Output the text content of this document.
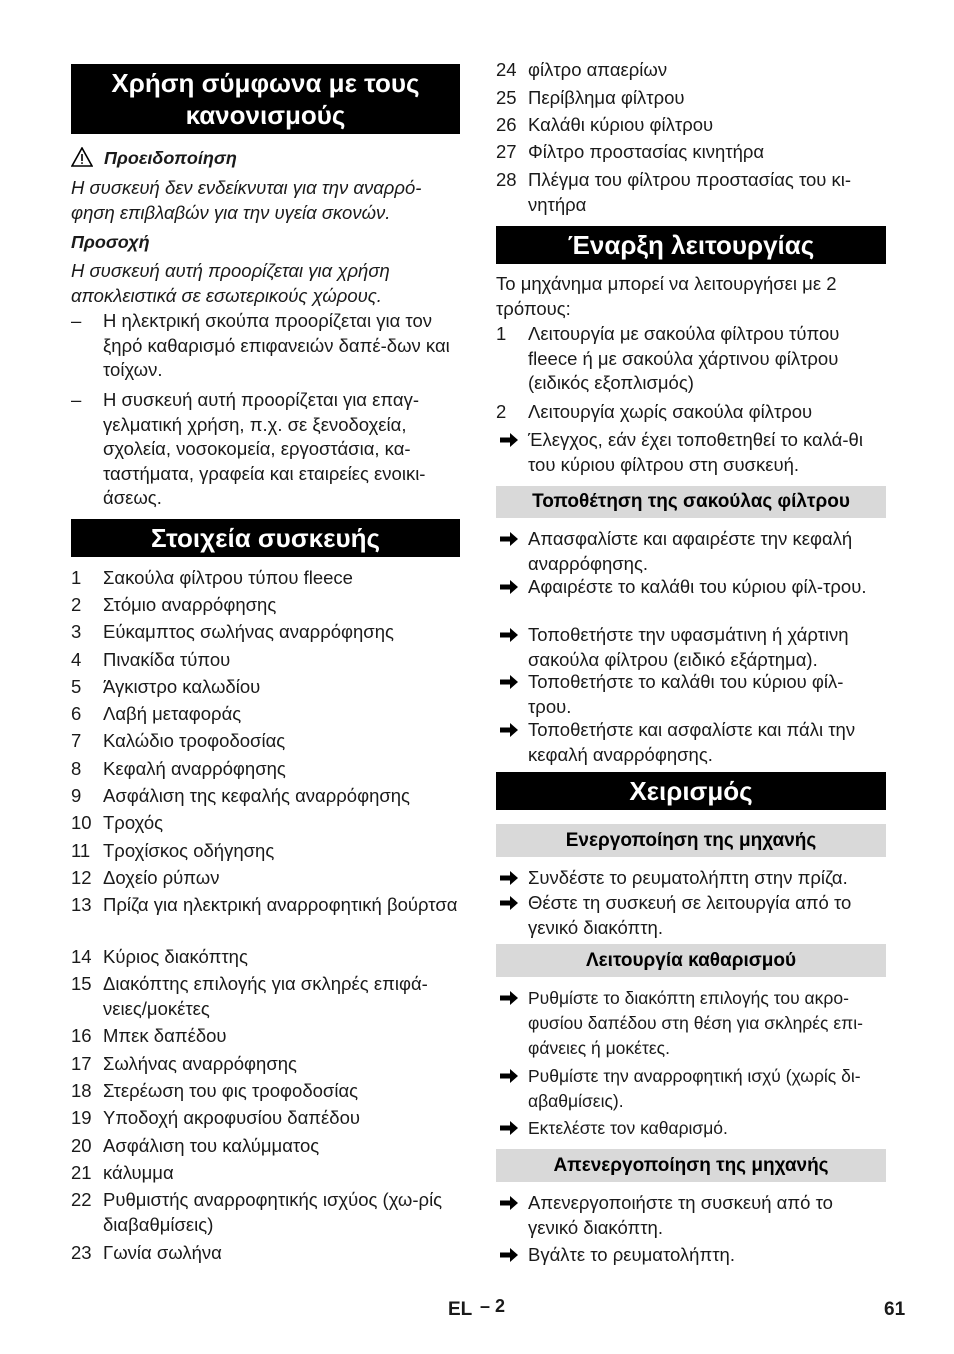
Χρήση σύμφωνα με τους κανονισμούς
Προειδοποίηση
Η συσκευή δεν ενδείκνυται για την αναρρό-φηση επιβλαβών για την υγεία σκονών.
Προσοχή
Η συσκευή αυτή προορίζεται για χρήση αποκλειστικά σε εσωτερικούς χώρους.
– Η ηλεκτρική σκούπα προορίζεται για τον ξηρό καθαρισμό επιφανειών δαπέ-δων και τοίχων.
– Η συσκευή αυτή προορίζεται για επαγ-γελματική χρήση, π.χ. σε ξενοδοχεία, σχολεία, νοσοκομεία, εργοστάσια, κα-ταστήματα, γραφεία και εταιρείες ενοικι-άσεως.
Στοιχεία συσκευής
1	Σακούλα φίλτρου τύπου fleece
2	Στόμιο αναρρόφησης
3	Εύκαμπτος σωλήνας αναρρόφησης
4	Πινακίδα τύπου
5	Άγκιστρο καλωδίου
6	Λαβή μεταφοράς
7	Καλώδιο τροφοδοσίας
8	Κεφαλή αναρρόφησης
9	Ασφάλιση της κεφαλής αναρρόφησης
10 Τροχός
11 Τροχίσκος οδήγησης
12 Δοχείο ρύπων
13 Πρίζα για ηλεκτρική αναρροφητική βούρτσα
14 Κύριος διακόπτης
15 Διακόπτης επιλογής για σκληρές επιφά-νειες/μοκέτες
16 Μπεκ δαπέδου
17 Σωλήνας αναρρόφησης
18 Στερέωση του φις τροφοδοσίας
19 Υποδοχή ακροφυσίου δαπέδου
20 Ασφάλιση του καλύμματος
21 κάλυμμα
22 Ρυθμιστής αναρροφητικής ισχύος (χω-ρίς διαβαθμίσεις)
23 Γωνία σωλήνα
24 φίλτρο απαερίων
25 Περίβλημα φίλτρου
26 Καλάθι κύριου φίλτρου
27 Φίλτρο προστασίας κινητήρα
28 Πλέγμα του φίλτρου προστασίας του κι-νητήρα
Έναρξη λειτουργίας
Το μηχάνημα μπορεί να λειτουργήσει με 2 τρόπους:
1	Λειτουργία με σακούλα φίλτρου τύπου fleece ή με σακούλα χάρτινου φίλτρου (ειδικός εξοπλισμός)
2	Λειτουργία χωρίς σακούλα φίλτρου
Έλεγχος, εάν έχει τοποθετηθεί το καλά-θι του κύριου φίλτρου στη συσκευή.
Τοποθέτηση της σακούλας φίλτρου
Απασφαλίστε και αφαιρέστε την κεφαλή αναρρόφησης.
Αφαιρέστε το καλάθι του κύριου φίλ-τρου.
Τοποθετήστε την υφασμάτινη ή χάρτινη σακούλα φίλτρου (ειδικό εξάρτημα).
Τοποθετήστε το καλάθι του κύριου φίλ-τρου.
Τοποθετήστε και ασφαλίστε και πάλι την κεφαλή αναρρόφησης.
Χειρισμός
Ενεργοποίηση της μηχανής
Συνδέστε το ρευματολήπτη στην πρίζα.
Θέστε τη συσκευή σε λειτουργία από το γενικό διακόπτη.
Λειτουργία καθαρισμού
Ρυθμίστε το διακόπτη επιλογής του ακρο-φυσίου δαπέδου στη θέση για σκληρές επι-φάνειες ή μοκέτες.
Ρυθμίστε την αναρροφητική ισχύ (χωρίς δι-αβαθμίσεις).
Εκτελέστε τον καθαρισμό.
Απενεργοποίηση της μηχανής
Απενεργοποιήστε τη συσκευή από το γενικό διακόπτη.
Βγάλτε το ρευματολήπτη.
EL – 2	61
